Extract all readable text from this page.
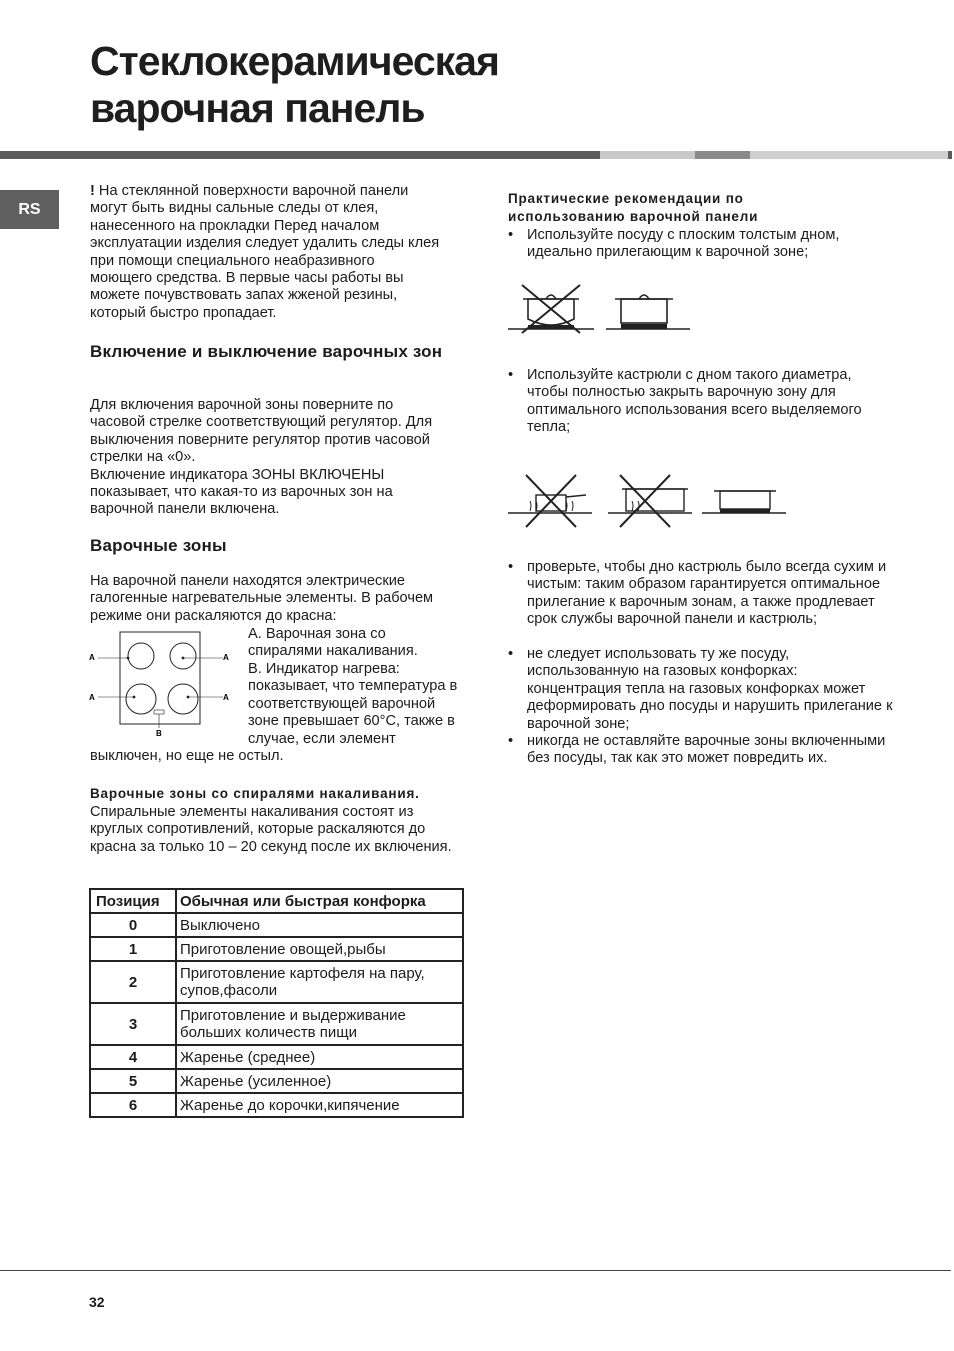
Стеклокерамическая
варочная панель
RS

! На стеклянной поверхности варочной панели могут быть видны сальные следы от клея, нанесенного на прокладки Перед началом эксплуатации изделия следует удалить следы клея при помощи специального неабразивного моющего средства. В первые часы работы вы можете почувствовать запах жженой резины, который быстро пропадает.

Включение и выключение варочных зон

Для включения варочной зоны поверните по часовой стрелке соответствующий регулятор. Для выключения поверните регулятор против часовой стрелки на «0».
Включение индикатора ЗОНЫ ВКЛЮЧЕНЫ показывает, что какая-то из варочных зон на варочной панели включена.

Варочные зоны

На варочной панели находятся электрические галогенные нагревательные элементы. В рабочем режиме они раскаляются до красна:

A	A
A	A
B

A. Варочная зона со спиралями накаливания.

B. Индикатор нагрева: показывает, что температура в соответствующей варочной зоне превышает 60°C, также в случае, если элемент

выключен, но еще не остыл.

Варочные зоны со спиралями накаливания.

Спиральные элементы накаливания состоят из круглых сопротивлений, которые раскаляются до красна за только 10 – 20 секунд после их включения.

Позиция	Обычная или быстрая конфорка
0	Выключено
1	Приготовление овощей,рыбы
2	Приготовление картофеля на пару, супов,фасоли
3	Приготовление и выдерживание больших количеств пищи
4	Жаренье (среднее)
5	Жаренье (усиленное)
6	Жаренье до корочки,кипячение
Практические рекомендации по использованию варочной панели
• Используйте посуду с плоским толстым дном, идеально прилегающим к варочной зоне;
• Используйте кастрюли с дном такого диаметра, чтобы полностью закрыть варочную зону для оптимального использования всего выделяемого тепла;
• проверьте, чтобы дно кастрюль было всегда сухим и чистым: таким образом гарантируется оптимальное прилегание к варочным зонам, а также продлевает срок службы варочной панели и кастрюль;
• не следует использовать ту же посуду, использованную на газовых конфорках: концентрация тепла на газовых конфорках может деформировать дно посуды и нарушить прилегание к варочной зоне;
• никогда не оставляйте варочные зоны включенными без посуды, так как это может повредить их.
32
